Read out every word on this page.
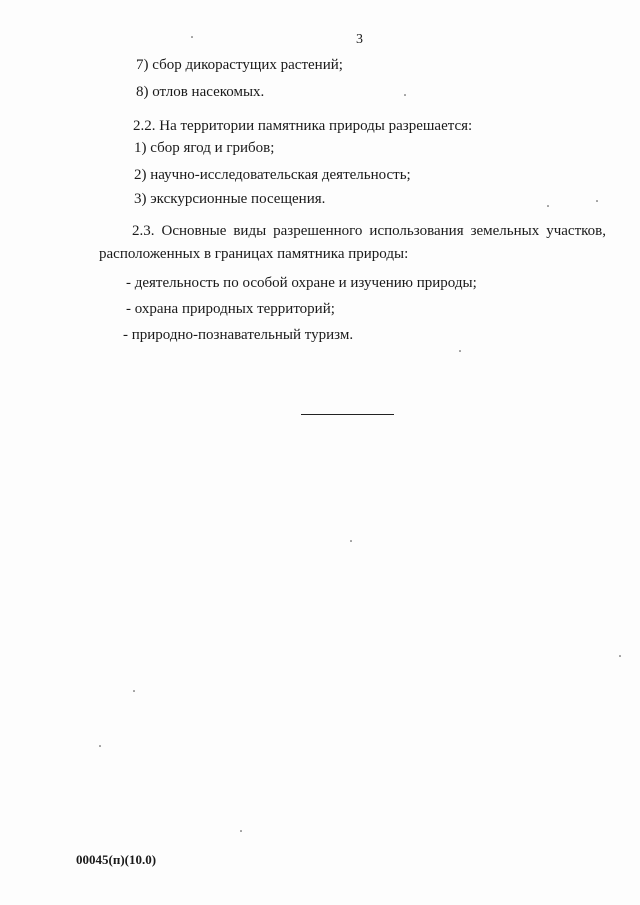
3
7) сбор дикорастущих растений;
8) отлов насекомых.
2.2. На территории памятника природы разрешается:
1) сбор ягод и грибов;
2) научно-исследовательская деятельность;
3) экскурсионные посещения.
2.3. Основные виды разрешенного использования земельных участков,
расположенных в границах памятника природы:
- деятельность по особой охране и изучению природы;
- охрана природных территорий;
- природно-познавательный туризм.
00045(п)(10.0)
